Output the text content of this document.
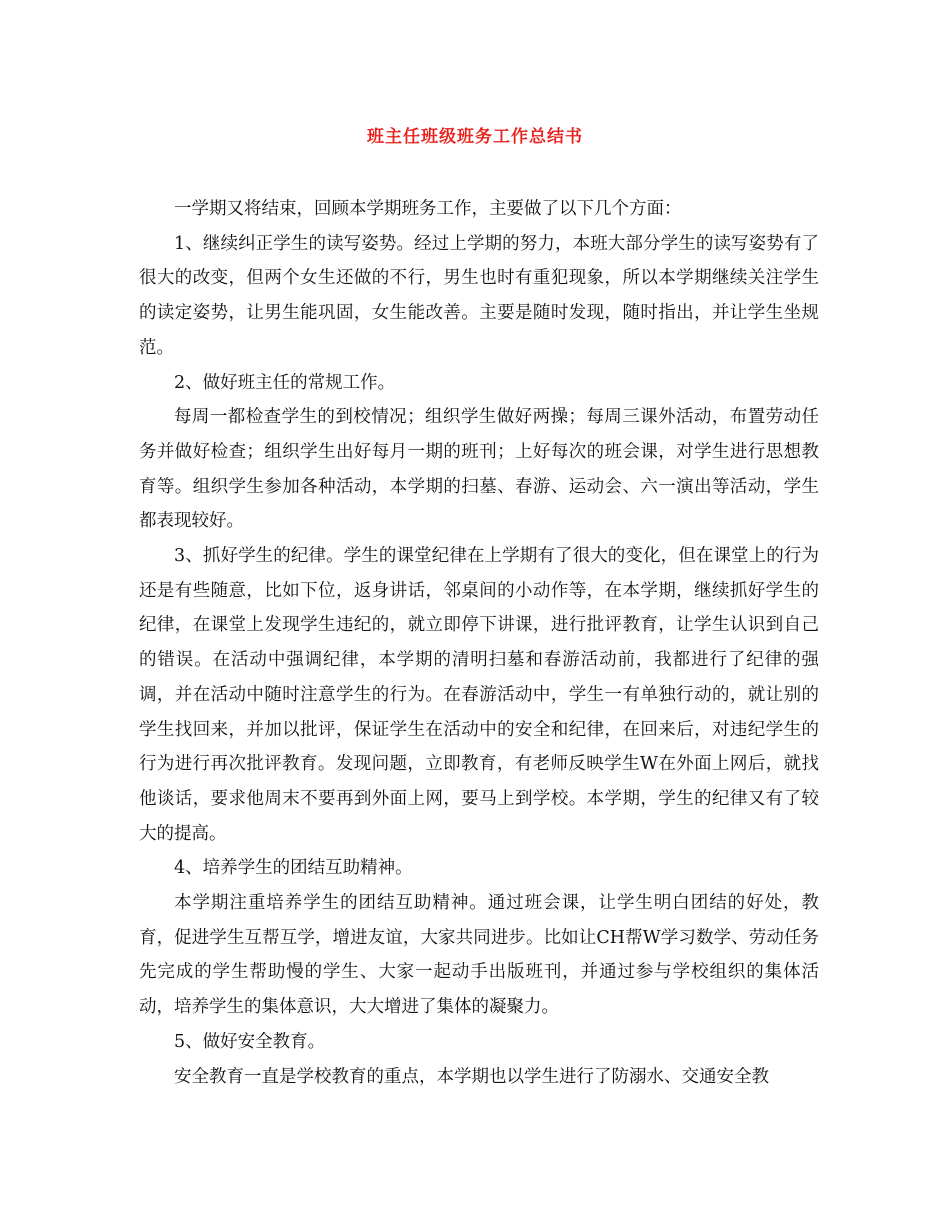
班主任班级班务工作总结书

一学期又将结束，回顾本学期班务工作，主要做了以下几个方面：

1、继续纠正学生的读写姿势。经过上学期的努力，本班大部分学生的读写姿势有了很大的改变，但两个女生还做的不行，男生也时有重犯现象，所以本学期继续关注学生的读定姿势，让男生能巩固，女生能改善。主要是随时发现，随时指出，并让学生坐规范。

2、做好班主任的常规工作。

每周一都检查学生的到校情况；组织学生做好两操；每周三课外活动，布置劳动任务并做好检查；组织学生出好每月一期的班刊；上好每次的班会课，对学生进行思想教育等。组织学生参加各种活动，本学期的扫墓、春游、运动会、六一演出等活动，学生都表现较好。

3、抓好学生的纪律。学生的课堂纪律在上学期有了很大的变化，但在课堂上的行为还是有些随意，比如下位，返身讲话，邻桌间的小动作等，在本学期，继续抓好学生的纪律，在课堂上发现学生违纪的，就立即停下讲课，进行批评教育，让学生认识到自己的错误。在活动中强调纪律，本学期的清明扫墓和春游活动前，我都进行了纪律的强调，并在活动中随时注意学生的行为。在春游活动中，学生一有单独行动的，就让别的学生找回来，并加以批评，保证学生在活动中的安全和纪律，在回来后，对违纪学生的行为进行再次批评教育。发现问题，立即教育，有老师反映学生W在外面上网后，就找他谈话，要求他周末不要再到外面上网，要马上到学校。本学期，学生的纪律又有了较大的提高。

4、培养学生的团结互助精神。

本学期注重培养学生的团结互助精神。通过班会课，让学生明白团结的好处，教育，促进学生互帮互学，增进友谊，大家共同进步。比如让CH帮W学习数学、劳动任务先完成的学生帮助慢的学生、大家一起动手出版班刊，并通过参与学校组织的集体活动，培养学生的集体意识，大大增进了集体的凝聚力。

5、做好安全教育。

安全教育一直是学校教育的重点，本学期也以学生进行了防溺水、交通安全教
